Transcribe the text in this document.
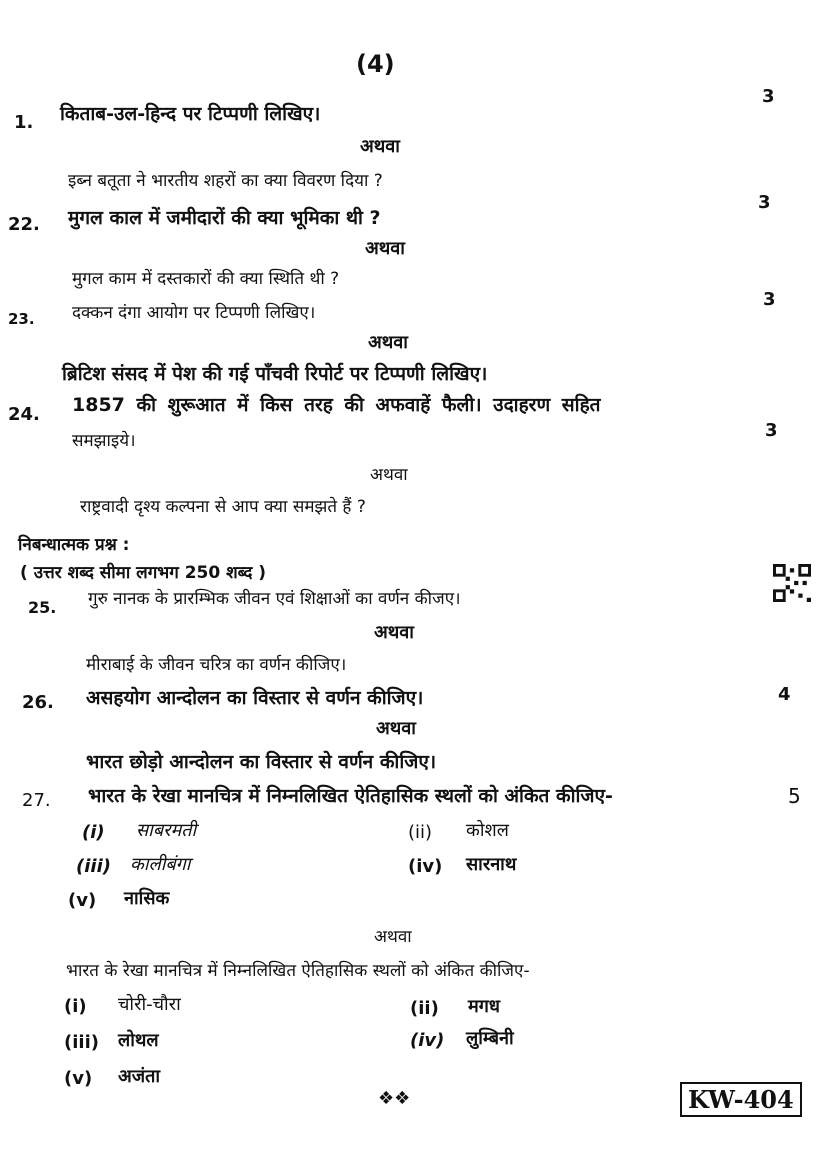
(4)
1. किताब-उल-हिन्द पर टिप्पणी लिखिए।
3
अथवा
इब्न बतूता ने भारतीय शहरों का क्या विवरण दिया ?
22. मुगल काल में जमीदारों की क्या भूमिका थी ?
3
अथवा
मुगल काम में दस्तकारों की क्या स्थिति थी ?
23. दक्कन दंगा आयोग पर टिप्पणी लिखिए।
3
अथवा
ब्रिटिश संसद में पेश की गई पाँचवी रिपोर्ट पर टिप्पणी लिखिए।
24. 1857 की शुरूआत में किस तरह की अफवाहें फैली। उदाहरण सहित
समझाइये।	3
अथवा
राष्ट्रवादी दृश्य कल्पना से आप क्या समझते हैं ?
निबन्धात्मक प्रश्न :
( उत्तर शब्द सीमा लगभग 250 शब्द )
25. गुरु नानक के प्रारम्भिक जीवन एवं शिक्षाओं का वर्णन कीजए।
अथवा
मीराबाई के जीवन चरित्र का वर्णन कीजिए।
26. असहयोग आन्दोलन का विस्तार से वर्णन कीजिए।	4
अथवा
भारत छोड़ो आन्दोलन का विस्तार से वर्णन कीजिए।
27. भारत के रेखा मानचित्र में निम्नलिखित ऐतिहासिक स्थलों को अंकित कीजिए-	5
(i) साबरमती	(ii) कोशल
(iii) कालीबंगा	(iv) सारनाथ
(v) नासिक
अथवा
भारत के रेखा मानचित्र में निम्नलिखित ऐतिहासिक स्थलों को अंकित कीजिए-
(i) चोरी-चौरा	(ii) मगध
(iii) लोथल	(iv) लुम्बिनी
(v) अजंता
❖❖	KW-404
